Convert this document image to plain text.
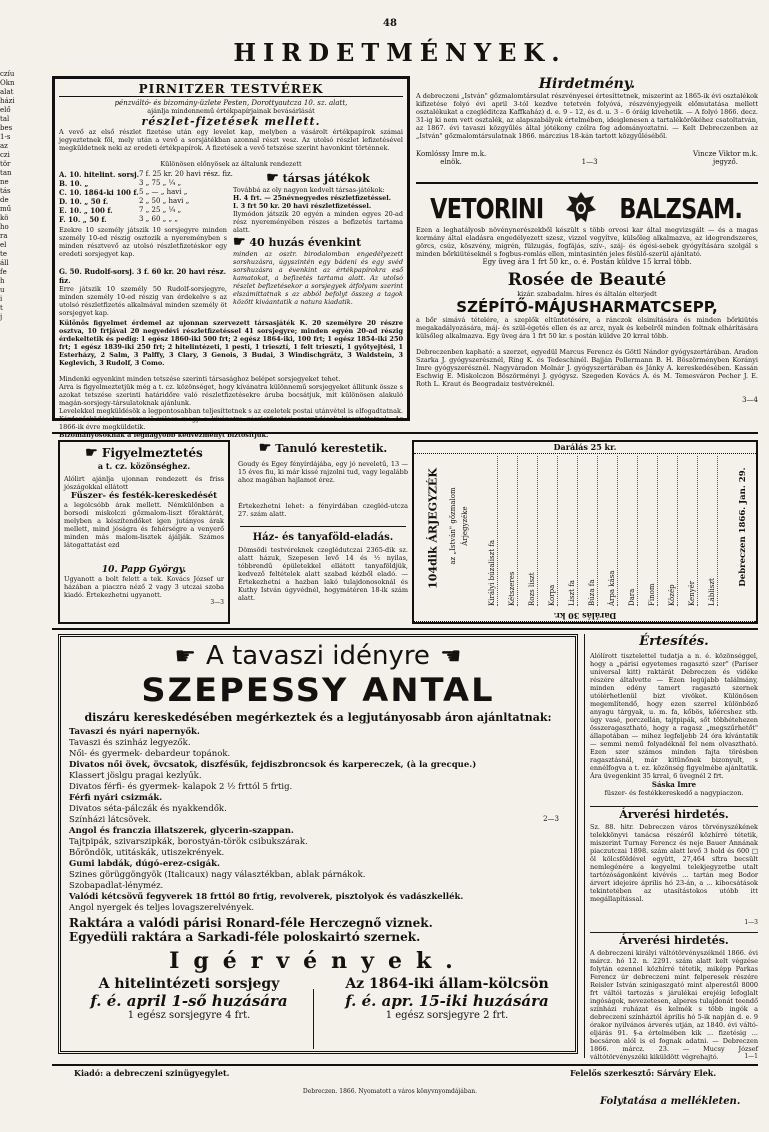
48
HIRDETMÉNYEK.
czíu
Okn
alat
házi
elő
tal
bes
1-s
az
czi
tör
tan
ne
tás
de
mű
kö
ho
ra
el
te
áll
fe
h
u
i
t
j
PIRNITZER TESTVÉREK
pénzváltó- és bizomány-üzlete Pesten, Dorottyautcza 10. sz. alatt,
ajánlja mindennemű értékpapírjainak bevásárlását
részlet-fizetések mellett.
A vevő az első részlet fizetése után egy levelet kap, melyben a vásárolt értékpapírok számai jegyeztetnek föl, mely után a vevő a sorsjátékban azonnal részt vesz. Az utolsó részlet lefizetésével megküldetnek neki az eredeti értékpapírok. A fizetések a vevő tetszése szerint havonkint történnek.
Különösen előnyösek az általunk rendezett
A. 10. hitelint. sorsj. 7 f. 25 kr. 20 havi rész. fiz.
B. 10. „	3 „ 75 „ ¼ „
C. 10. 1864-ki 100 f. 5 „ — „ havi „
D. 10. „ 50 f.	2 „ 50 „ havi „
E. 10. „ 100 f.	7 „ 25 „ ¼ „
F. 10. „ 50 f.	3 „ 60 „ „ „
Ezekre 10 személy játszik 10 sorsjegyre minden személy 10-ed részig osztozik a nyereményben s minden résztvevő az utolsó részletfizetéskor egy eredeti sorsjegyet kap.
G. 50. Rudolf-sorsj. 3 f. 60 kr. 20 havi rész. fiz.
Erre játszik 10 személy 50 Rudolf-sorsjegyre, minden személy 10-ed részig van érdekelve s az utolsó részletfizetés alkalmával minden személy öt sorsjegyet kap.
☛ társas játékok
Továbbá az oly nagyon kedvelt társas-játékok:
H. 4 frt. — 25névnegyedes részletfizetéssel.
I. 3 frt 50 kr. 20 havi részletfizetéssel.
Ilymódon játszik 20 egyén a minden egyes 20-ad rész nyereményében részes a befizetés tartama alatt.
☛ 40 huzás évenkint
minden az osztr. birodalomban engedélyezett sorshuzásra, úgyszintén egy bádeni és egy svéd sorshuzásra a évenkint az értékpapírokra eső kamatokat, a befizetés tartama alatt. Az utolsó részlet befizetésekor a sorsjegyek átfolyam szerint elszámittatnak s az abból befolyt összeg a tagok között kiváantatik a natura kiadatik.
Különös figyelmet érdemel az ujonnan szervezett társasjáték K. 20 személyre 20 részre osztva, 10 frtjával 20 negyedévi részletfizetéssel 41 sorsjegyre; minden egyén 20-ad részig érdekeltetik és pedig: 1 egész 1860-iki 500 frt; 2 egész 1864-iki, 100 frt; 1 egész 1854-iki 250 frt; 1 egész 1839-iki 250 frt; 2 hitelintézeti, 1 pesti, 1 triesztí, 1 felt triesztí, 1 győtyejtési, 1 Esterházy, 2 Salm, 3 Palffy, 3 Clary, 3 Genois, 3 Budai, 3 Windischgrätz, 3 Waldstein, 3 Keglevich, 3 Rudolf, 3 Como.
Mindenki egyenkint minden tetszése szerinti társasághoz belépet sorsjegyeket tehet.
Arra is figyelmeztetjük még a t. cz. közönséget, hogy kívánatra különnemű sorsjegyeket állitunk össze s azokat tetszése szerinti határidőre való részletfizetésekre áruba bocsátjuk, mit különösen alakuló magán-sorsjegy-társulatoknak ajánlunk.
Levelekkel megküldésök a legpontosabban teljesíttetnek s az ezeletek postai utánvétel is elfogadtatnak. Kérdezősködésekre azonnal válasz megy s kívánatra részletfizetési szerzõdések kiosztattatnak. Az 1866-ik évre megküldetik.
Bizományosoknak a legnagyobb kedvezményt biztosítjuk.
Hirdetmény.
A debreczeni „István" gőzmalomtársulat részvényesei értesíttetnek, miszerint az 1865-ik évi osztalékok kifizetése folyó évi april 3-tól kezdve tetetvén folyóvá, részvényjegyeik előmutatása mellett osztalékukat a czegléditcza Kaffkaház) d. e. 9 – 12, és d. u. 3 – 6 óráig kivehetik. — A folyó 1866. decz. 31-ig ki nem vett osztalék, az alapszabályok értelmében, ideiglenesen a tartalékörökéhez csatoltatván, az 1867. évi tavaszi közgyűlés által jótékony czélra fog adományoztatni. — Kelt Debreczenben az „István" gőzmalomtársulatnak 1866. márczius 18-kán tartott közgyűléséből.
Komlóssy Imre m.k.
elnök.	1—3
Vincze Viktor m.k.
jegyző.
VETORINI	BALZSAM.
Ezen a leghatályosb növénynerészekből készült s több orvosi kar által megvizsgált — és a magas kormány által eladásra engedélyezett szesz, vizzel vegyítve, külsőleg alkalmazva, az idegrendszeres, görcs, csúz, köszvény, migrén, fülzugás, fogfájás, szív-, száj- és égési-sebek gyógyítására szolgál s minden bőrkiütéseknél s fogbus-romlás ellen, mintasintén jeles fésülő-szerül ajánltató.
Egy üveg ára 1 frt 50 kr., o. é. Postán küldve 15 krral több.
Rosée de Beauté
kizár. szabadalm. híres és általán elterjedt
SZÉPÍTŐ-MÁJUSHARMATCSEPP,
a bőr simává tételére, a szeplők eltüntetésére, a ránczok elsimítására és minden bőrkiütés megakadályozására, máj- és szül-égetés ellen és az arcz, nyak és kebelről minden foltnak elhárítására külsőleg alkalmazva. Egy üveg ára 1 frt 50 kr. s postán küldve 20 krral több.
Debreczenben kapható: a szerzet, egyedül Marcus Ferencz és Göttl Nándor gyógyszertárában. Aradon Szarka J. gyógyszerésznél, Ring K. és Tedeschinél. Bajján Pollermann B. H. Böszörményben Korányi Imre gyógyszerésznél. Nagyváradon Molnár J. gyógyszertárában és Jánky A. kereskedésében. Kassán Eschwig E. Miskolczon Böszörményi J. gyógysz. Szegeden Kovács A. és M. Temesváron Pecher J. E. Roth L. Kraut és Beogradaiz testvéreknél.
3—4
☛ Figyelmeztetés
a t. cz. közönséghez.
Alólirt ajánlja ujonnan rendezett és friss jószágokkal ellátott
Füszer- és festék-kereskedését
a legolcsóbb árak mellett. Némkülönben a borsodi miskolczi gőzmalom-liszt főraktárát, melyben a készítendőket igen jutányos árak mellett, mind jóságra és fehérségre a venyerő minden más malom-lisztek ájálják. Számos látogattatást ezd
10. Papp György.
Ugyanott a bolt felett a tek. Kovács József ur házában a piaczra néző 2 vagy 3 utczai szoba kiadó. Értekezhetni ugyanott.
3—3
☛ Tanuló kerestetik.
Goudy és Egey fényírdájába, egy jó neveletű, 13 — 15 éves fiu, ki már kissé rajzolni tud, vagy legalább ahoz magában hajlamot érez.
Értekezhetni lehet: a fényirdában czegléd-utcza 27. szám alatt.
Ház- és tanyaföld-eladás.
Dömsödi testvéreknek czeglédutczai 2365-dik sz. alatt házuk, Szepesen levő 14 és ½ nyilas, tóbbrendű épületekkel ellátott tanyaföldjük, kedvező feltételek alatt szabad kézből eladó. — Értekezhetni a hazban lakó tulajdonosoknál és Kuthy István úgyvédnél, hogymátéren 18-ik szám alatt.
Darálás 25 kr.
Darálás 30 kr.
104dik ÁRJEGYZÉK az „István" gőzmalom Árjegyzéke
Királyi búzaliszt fa Kétszeres Rozs liszt Korpa Liszt fa Búza fa Árpa kása Dara Finom Közép Kenyér Lábliszt
Debreczen 1866. Jan. 29.
☛ A tavaszi idényre ☛
SZEPESSY ANTAL
diszáru kereskedésében megérkeztek és a legjutányosabb áron ajánltatnak:
Tavaszi és nyári napernyők.
Tavaszi és szinház legyezők.
Női- és gyermek- debardeur topánok.
Divatos női övek, övcsatok, diszfésűk, fejdiszbroncsok és karpereczek, (à la grecque.)
Klassert jöslgu pragai kezlyűk.
Divatos férfi- és gyermek- kalapok 2 ½ frttól 5 frtig.
Férfi nyári csizmák.
Divatos séta-pálczák és nyakkendők.
Színházi látcsövek.
Angol és franczia illatszerek, glycerin-szappan.
Tajtpipák, szivarszipkák, borostyán-török csibukszárak.
Bőröndök, utitáskák, utiszekrények.
Gumi labdák, dúgó-erez-csigák.
Szines görüggöngyök (Italicaux) nagy választékban, ablak párnákok.
Szobapadlat-lényméz.
Valódi kétcsövű fegyverek 18 frttól 80 frtig, revolverek, pisztolyok és vadászkellék.
Angol nyergek és teljes lovagszerelvények.
Raktára a valódi párisi Ronard-féle Herczegnő viznek.
Egyedüli raktára a Sarkadi-féle poloskairtó szernek.
2—3
Igérvények.
A hitelintézeti sorsjegy
f. é. april 1-ső huzására
1 egész sorsjegyre 4 frt.
Az 1864-iki állam-kölcsön
f. é. apr. 15-iki huzására
1 egész sorsjegyre 2 frt.
Értesítés.
Alólírott tisztelettel tudatja a n. é. közönséggel, hogy a „párisi egyetemes ragasztó szer" (Pariser universal kitt) raktárát Debreczen és vidéke részére általvette — Ezen legújabb találmány, minden edény tamert ragasztó szernek utólérhetlenül bizt vivöket. Különösen megemlítendő, hogy ezen szerrel különböző anyagu tárgyak, u. m. fa, kőbös, kőércshez stb. úgy vasé, porczellán, tajtpipák, sőt töbhétehezen összeragasztható, hogy a ragasz „megszűrhetőt" állapotában — mihez legfeljebb 24 óra kívántatik — semmi nemű folyadéknál fel nem olvasztható. Ezen szer számos minden fajta törésben ragasztásnál, már kitünőnek bizonyult, s ennélfogva a t. ez. közönség figyelmébe ajánltatik. Ára üvegenkint 35 krral, 6 üvegnél 2 frt.
Sáska Imre
füszer- és festékkereskedő a nagypiaczon.
Árverési hirdetés.
Sz. 88. hitr. Debreczen város törvényszékének telekkönyvi tanácsa részéről közhírré tétetik, miszerint Turnay Ferencz és neje Bauer Annának piaczutczai 1898. szám alatt levő 3 hold és 600 □ öl kölcsföldével együtt, 27,464 sftra becsült nemlegénére a kegyelmi telekjegyzetbe utalt tartózóságonként kivévés ... tartán meg Bodor árvert idejeire április hó 23-án, a ... kibocsátások tekintetében az utasítástokos utóbb itt megállapítással.
1—3
Árverési hirdetés.
A debreczeni királyi váltótörvényszéknél 1866. évi márcz. hó 12. n. 2291. szám alatt kelt végzése folytán ezennel közhírré tétetik, miképp Parkas Ferencz úr debreczeni mint felperesek részére Reisler István szinigaszgató mint alperestől 8000 frt váltói tartozás s járulékai erejéig lefoglalt ingóságok, nevezetesen, alperes tulajdonát teendő színházi ruházat és kelmék s több ingók a debreczeni színháztól április hó 5-ik napján d. e. 9 órakor nyilvános árverés utján, az 1840. évi váltó-eljárás 91. §-a értelmében kik ... fizetésig ... becsáron alól is el fognak adatni. — Debreczen 1866. márcz. 23. — Mucsy József váltótörvényszéki kiküldött végrehajtó.	1—1
Kiadó: a debreczeni szinügyegylet.	Felelős szerkesztő: Sárváry Elek.
Debreczen. 1866. Nyomatott a város könyvnyomdájában.
Folytatása a mellékleten.
